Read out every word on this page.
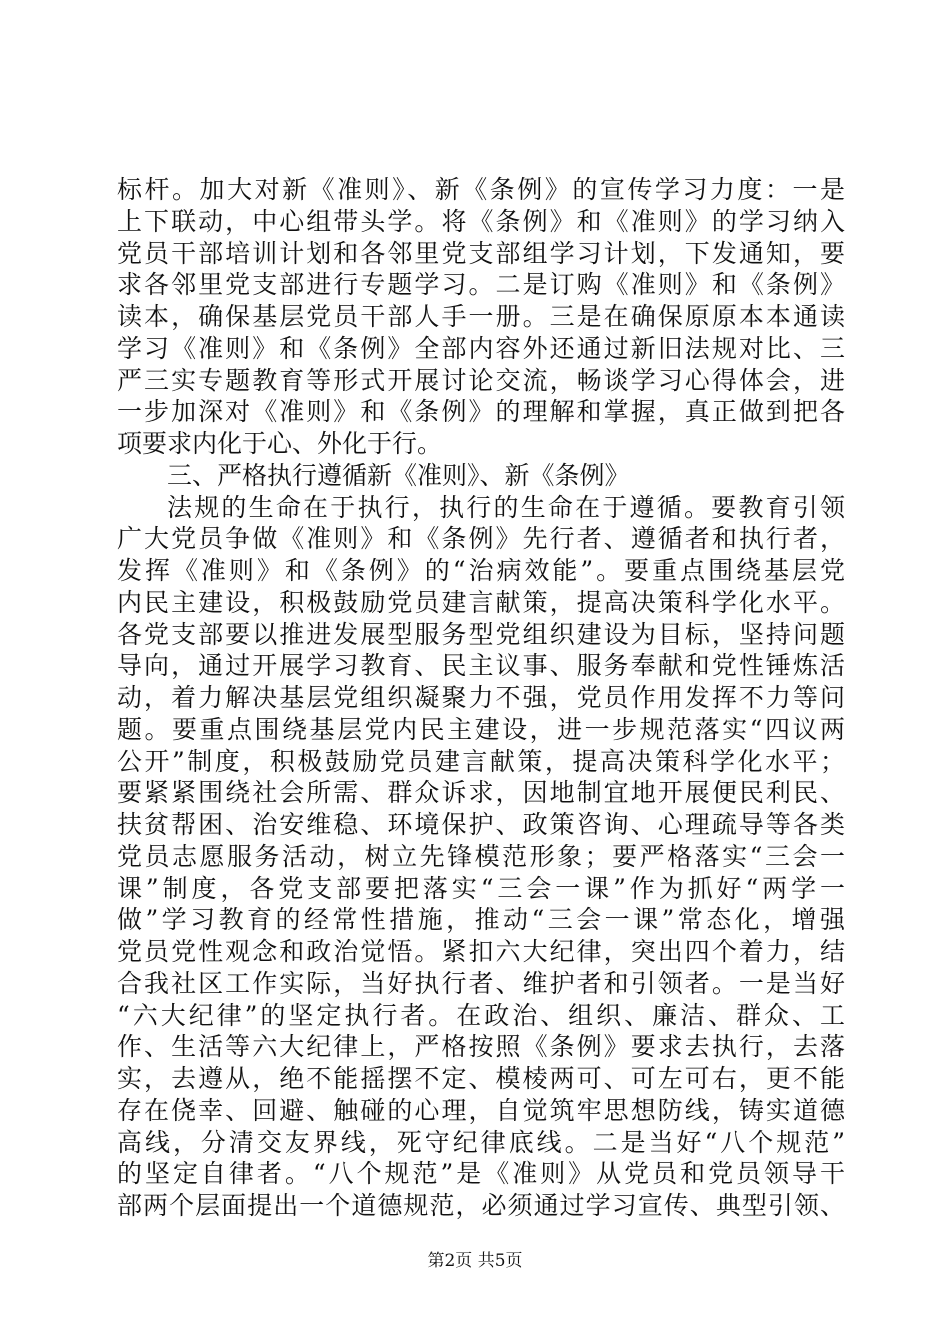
标杆。加大对新《准则》、新《条例》的宣传学习力度：一是
上下联动，中心组带头学。将《条例》和《准则》的学习纳入
党员干部培训计划和各邻里党支部组学习计划，下发通知，要
求各邻里党支部进行专题学习。二是订购《准则》和《条例》
读本，确保基层党员干部人手一册。三是在确保原原本本通读
学习《准则》和《条例》全部内容外还通过新旧法规对比、三
严三实专题教育等形式开展讨论交流，畅谈学习心得体会，进
一步加深对《准则》和《条例》的理解和掌握，真正做到把各
项要求内化于心、外化于行。
三、严格执行遵循新《准则》、新《条例》
法规的生命在于执行，执行的生命在于遵循。要教育引领
广大党员争做《准则》和《条例》先行者、遵循者和执行者，
发挥《准则》和《条例》的“治病效能”。要重点围绕基层党
内民主建设，积极鼓励党员建言献策，提高决策科学化水平。
各党支部要以推进发展型服务型党组织建设为目标，坚持问题
导向，通过开展学习教育、民主议事、服务奉献和党性锤炼活
动，着力解决基层党组织凝聚力不强，党员作用发挥不力等问
题。要重点围绕基层党内民主建设，进一步规范落实“四议两
公开”制度，积极鼓励党员建言献策，提高决策科学化水平；
要紧紧围绕社会所需、群众诉求，因地制宜地开展便民利民、
扶贫帮困、治安维稳、环境保护、政策咨询、心理疏导等各类
党员志愿服务活动，树立先锋模范形象；要严格落实“三会一
课”制度，各党支部要把落实“三会一课”作为抓好“两学一
做”学习教育的经常性措施，推动“三会一课”常态化，增强
党员党性观念和政治觉悟。紧扣六大纪律，突出四个着力，结
合我社区工作实际，当好执行者、维护者和引领者。一是当好
“六大纪律”的坚定执行者。在政治、组织、廉洁、群众、工
作、生活等六大纪律上，严格按照《条例》要求去执行，去落
实，去遵从，绝不能摇摆不定、模棱两可、可左可右，更不能
存在侥幸、回避、触碰的心理，自觉筑牢思想防线，铸实道德
高线，分清交友界线，死守纪律底线。二是当好“八个规范”
的坚定自律者。“八个规范”是《准则》从党员和党员领导干
部两个层面提出一个道德规范，必须通过学习宣传、典型引领、
第2页 共5页
